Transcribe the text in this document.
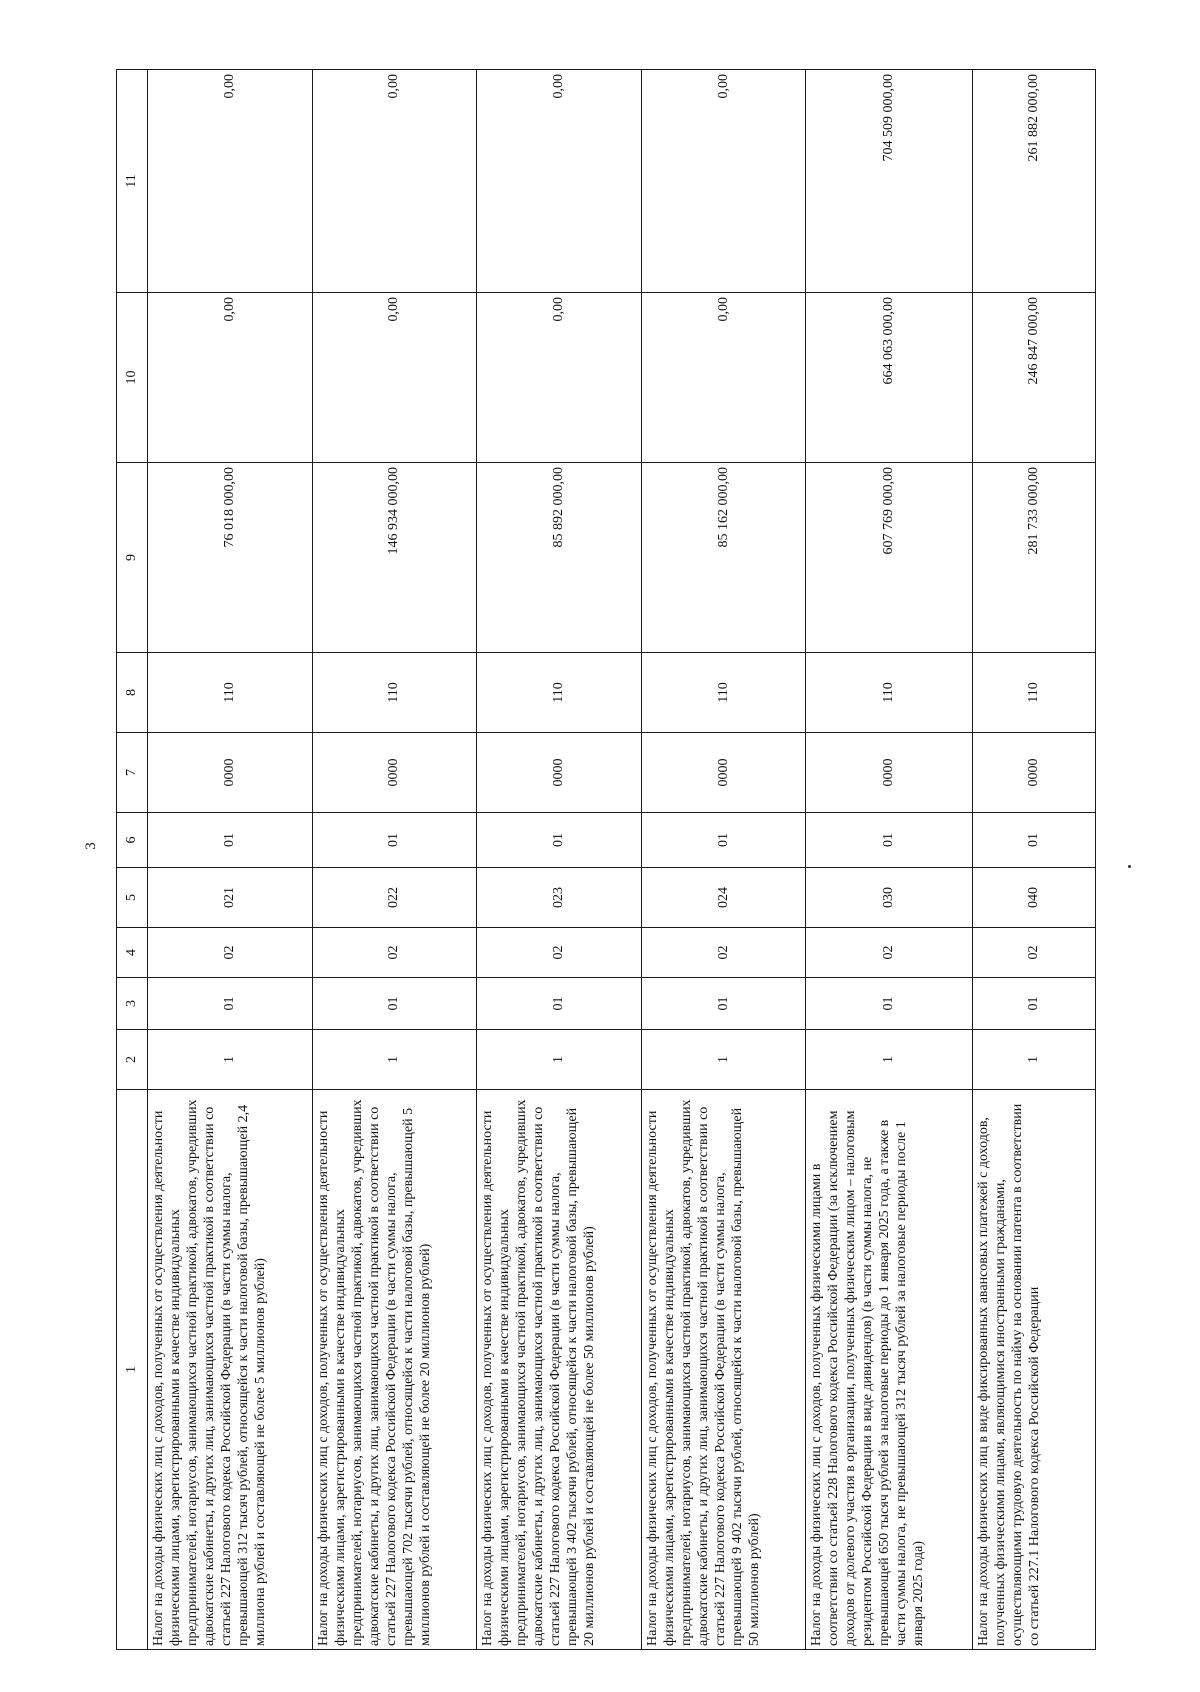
3
1	2	3	4	5	6	7	8	9	10	11
Налог на доходы физических лиц с доходов, полученных от осуществления деятельности физическими лицами, зарегистрированными в качестве индивидуальных предпринимателей, нотариусов, занимающихся частной практикой, адвокатов, учредивших адвокатские кабинеты, и других лиц, занимающихся частной практикой в соответствии со статьей 227 Налогового кодекса Российской Федерации (в части суммы налога, превышающей 312 тысяч рублей, относящейся к части налоговой базы, превышающей 2,4 миллиона рублей и составляющей не более 5 миллионов рублей)	1	01	02	021	01	0000	110	76 018 000,00	0,00	0,00
Налог на доходы физических лиц с доходов, полученных от осуществления деятельности физическими лицами, зарегистрированными в качестве индивидуальных предпринимателей, нотариусов, занимающихся частной практикой, адвокатов, учредивших адвокатские кабинеты, и других лиц, занимающихся частной практикой в соответствии со статьей 227 Налогового кодекса Российской Федерации (в части суммы налога, превышающей 702 тысячи рублей, относящейся к части налоговой базы, превышающей 5 миллионов рублей и составляющей не более 20 миллионов рублей)	1	01	02	022	01	0000	110	146 934 000,00	0,00	0,00
Налог на доходы физических лиц с доходов, полученных от осуществления деятельности физическими лицами, зарегистрированными в качестве индивидуальных предпринимателей, нотариусов, занимающихся частной практикой, адвокатов, учредивших адвокатские кабинеты, и других лиц, занимающихся частной практикой в соответствии со статьей 227 Налогового кодекса Российской Федерации (в части суммы налога, превышающей 3 402 тысячи рублей, относящейся к части налоговой базы, превышающей 20 миллионов рублей и составляющей не более 50 миллионов рублей)	1	01	02	023	01	0000	110	85 892 000,00	0,00	0,00
Налог на доходы физических лиц с доходов, полученных от осуществления деятельности физическими лицами, зарегистрированными в качестве индивидуальных предпринимателей, нотариусов, занимающихся частной практикой, адвокатов, учредивших адвокатские кабинеты, и других лиц, занимающихся частной практикой в соответствии со статьей 227 Налогового кодекса Российской Федерации (в части суммы налога, превышающей 9 402 тысячи рублей, относящейся к части налоговой базы, превышающей 50 миллионов рублей)	1	01	02	024	01	0000	110	85 162 000,00	0,00	0,00
Налог на доходы физических лиц с доходов, полученных физическими лицами в соответствии со статьей 228 Налогового кодекса Российской Федерации (за исключением доходов от долевого участия в организации, полученных физическим лицом – налоговым резидентом Российской Федерации в виде дивидендов) (в части суммы налога, не превышающей 650 тысяч рублей за налоговые периоды до 1 января 2025 года, а также в части суммы налога, не превышающей 312 тысяч рублей за налоговые периоды после 1 января 2025 года)	1	01	02	030	01	0000	110	607 769 000,00	664 063 000,00	704 509 000,00
Налог на доходы физических лиц в виде фиксированных авансовых платежей с доходов, полученных физическими лицами, являющимися иностранными гражданами, осуществляющими трудовую деятельность по найму на основании патента в соответствии со статьей 227.1 Налогового кодекса Российской Федерации	1	01	02	040	01	0000	110	281 733 000,00	246 847 000,00	261 882 000,00
